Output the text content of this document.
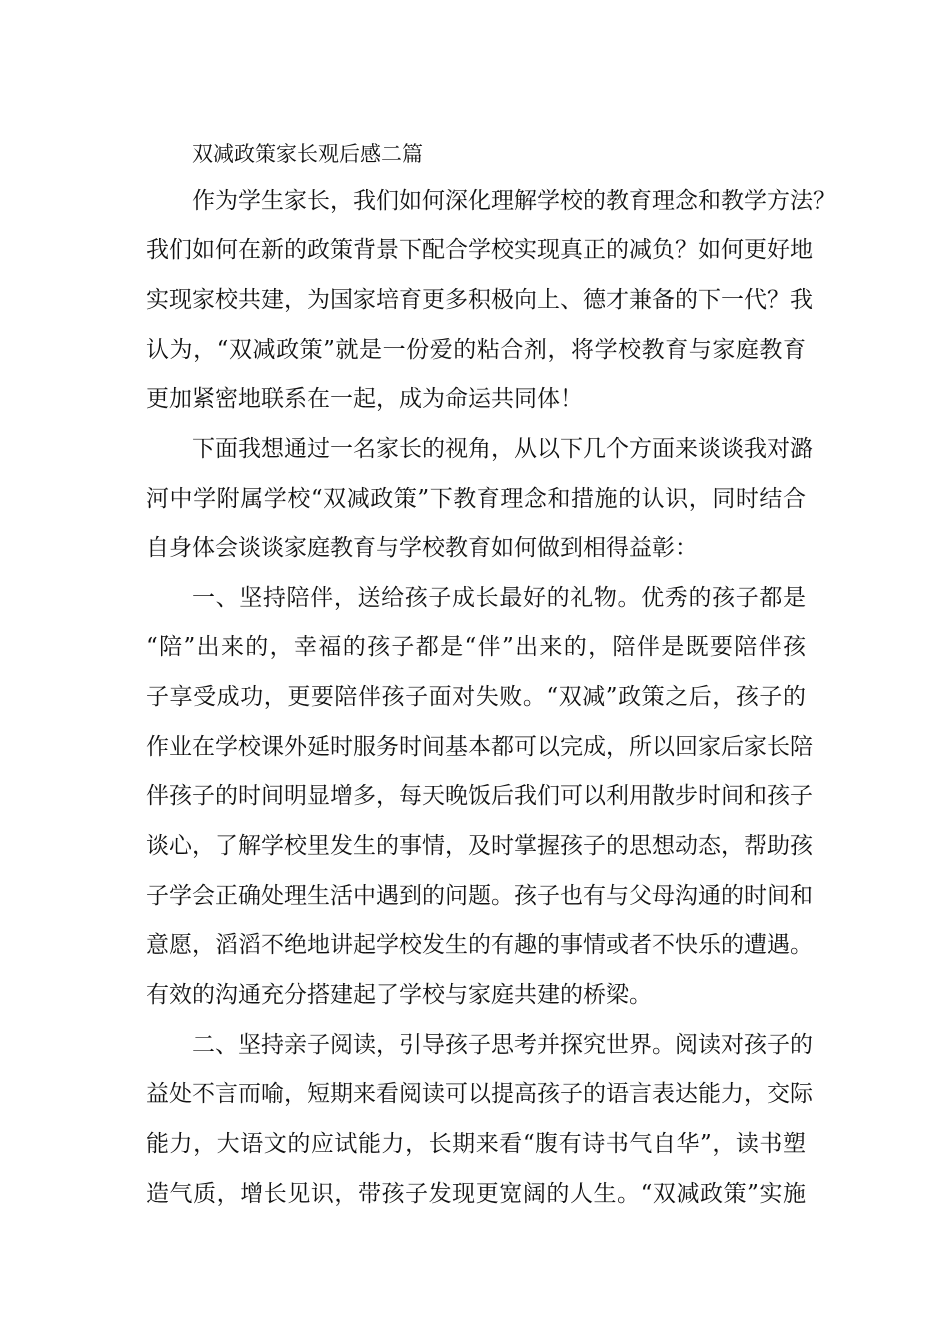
双减政策家长观后感二篇
作为学生家长，我们如何深化理解学校的教育理念和教学方法？
我们如何在新的政策背景下配合学校实现真正的减负？如何更好地
实现家校共建，为国家培育更多积极向上、德才兼备的下一代？我
认为，“双减政策”就是一份爱的粘合剂，将学校教育与家庭教育
更加紧密地联系在一起，成为命运共同体！
下面我想通过一名家长的视角，从以下几个方面来谈谈我对潞
河中学附属学校“双减政策”下教育理念和措施的认识，同时结合
自身体会谈谈家庭教育与学校教育如何做到相得益彰：
一、坚持陪伴，送给孩子成长最好的礼物。优秀的孩子都是
“陪”出来的，幸福的孩子都是“伴”出来的，陪伴是既要陪伴孩
子享受成功，更要陪伴孩子面对失败。“双减”政策之后，孩子的
作业在学校课外延时服务时间基本都可以完成，所以回家后家长陪
伴孩子的时间明显增多，每天晚饭后我们可以利用散步时间和孩子
谈心，了解学校里发生的事情，及时掌握孩子的思想动态，帮助孩
子学会正确处理生活中遇到的问题。孩子也有与父母沟通的时间和
意愿，滔滔不绝地讲起学校发生的有趣的事情或者不快乐的遭遇。
有效的沟通充分搭建起了学校与家庭共建的桥梁。
二、坚持亲子阅读，引导孩子思考并探究世界。阅读对孩子的
益处不言而喻，短期来看阅读可以提高孩子的语言表达能力，交际
能力，大语文的应试能力，长期来看“腹有诗书气自华”，读书塑
造气质，增长见识，带孩子发现更宽阔的人生。“双减政策”实施
